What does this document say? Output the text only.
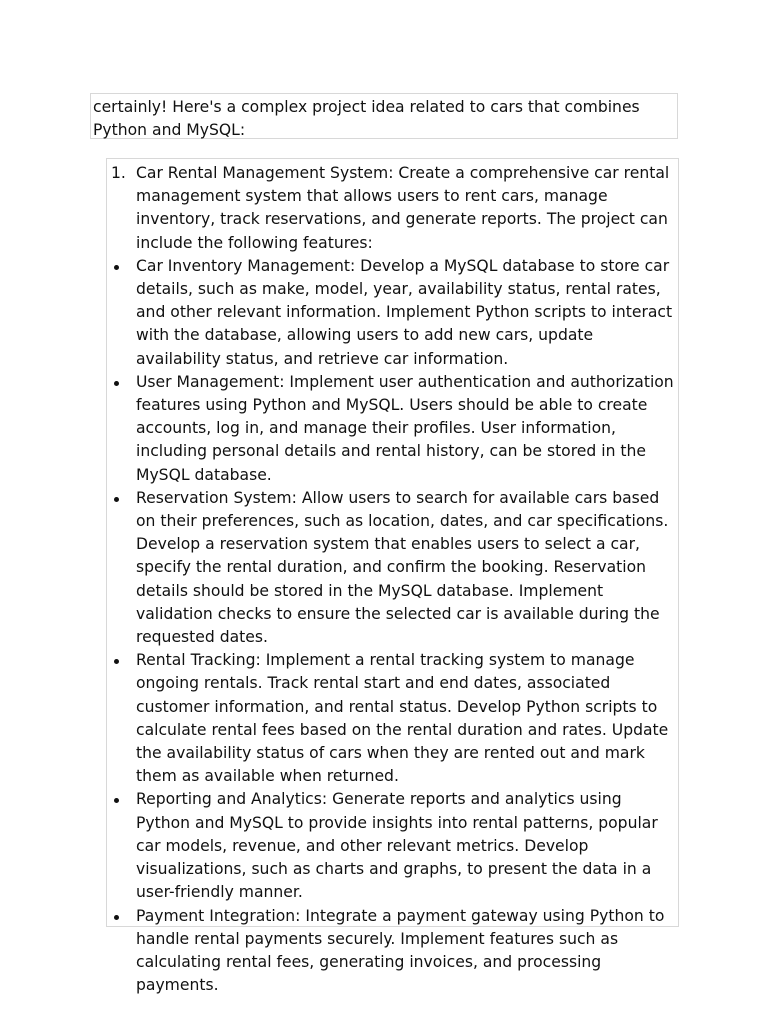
certainly! Here's a complex project idea related to cars that combines Python and MySQL:
1. Car Rental Management System: Create a comprehensive car rental management system that allows users to rent cars, manage inventory, track reservations, and generate reports. The project can include the following features:
Car Inventory Management: Develop a MySQL database to store car details, such as make, model, year, availability status, rental rates, and other relevant information. Implement Python scripts to interact with the database, allowing users to add new cars, update availability status, and retrieve car information.
User Management: Implement user authentication and authorization features using Python and MySQL. Users should be able to create accounts, log in, and manage their profiles. User information, including personal details and rental history, can be stored in the MySQL database.
Reservation System: Allow users to search for available cars based on their preferences, such as location, dates, and car specifications. Develop a reservation system that enables users to select a car, specify the rental duration, and confirm the booking. Reservation details should be stored in the MySQL database. Implement validation checks to ensure the selected car is available during the requested dates.
Rental Tracking: Implement a rental tracking system to manage ongoing rentals. Track rental start and end dates, associated customer information, and rental status. Develop Python scripts to calculate rental fees based on the rental duration and rates. Update the availability status of cars when they are rented out and mark them as available when returned.
Reporting and Analytics: Generate reports and analytics using Python and MySQL to provide insights into rental patterns, popular car models, revenue, and other relevant metrics. Develop visualizations, such as charts and graphs, to present the data in a user-friendly manner.
Payment Integration: Integrate a payment gateway using Python to handle rental payments securely. Implement features such as calculating rental fees, generating invoices, and processing payments.
